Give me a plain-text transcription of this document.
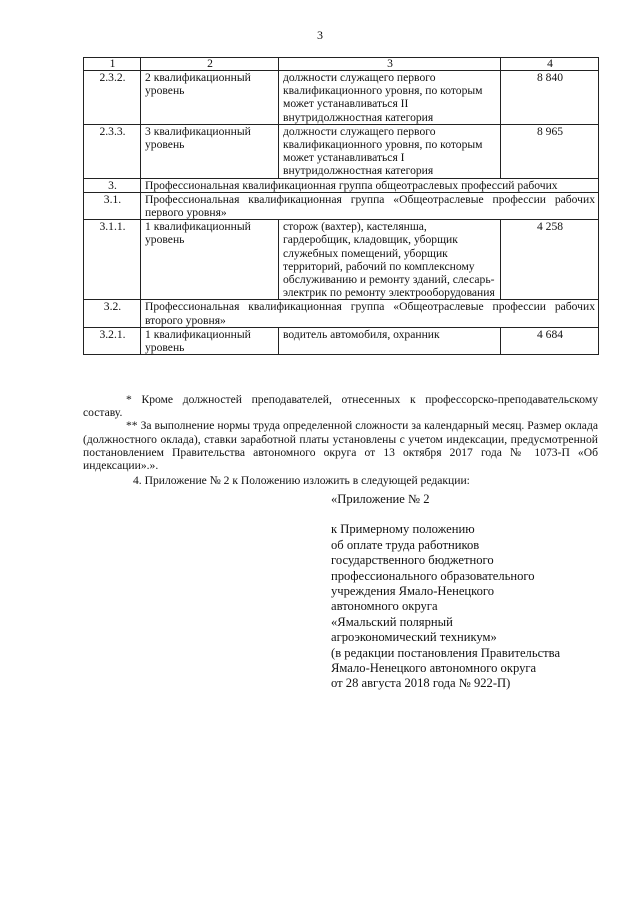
3
1	2	3	4
2.3.2.	2 квалификационный уровень	должности служащего первого квалификационного уровня, по которым может устанавливаться II внутридолжностная категория	8 840
2.3.3.	3 квалификационный уровень	должности служащего первого квалификационного уровня, по которым может устанавливаться I внутридолжностная категория	8 965
3.	Профессиональная квалификационная группа общеотраслевых профессий рабочих		
3.1.	Профессиональная квалификационная группа «Общеотраслевые профессии рабочих первого уровня»		
3.1.1.	1 квалификационный уровень	сторож (вахтер), кастелянша, гардеробщик, кладовщик, уборщик служебных помещений, уборщик территорий, рабочий по комплексному обслуживанию и ремонту зданий, слесарь-электрик по ремонту электрооборудования	4 258
3.2.	Профессиональная квалификационная группа «Общеотраслевые профессии рабочих второго уровня»		
3.2.1.	1 квалификационный уровень	водитель автомобиля, охранник	4 684

* Кроме должностей преподавателей, отнесенных к профессорско-преподавательскому составу.

** За выполнение нормы труда определенной сложности за календарный месяц. Размер оклада (должностного оклада), ставки заработной платы установлены с учетом индексации, предусмотренной постановлением Правительства автономного округа от 13 октября 2017 года № 1073-П «Об индексации».».

4. Приложение № 2 к Положению изложить в следующей редакции:

«Приложение № 2
к Примерному положению
об оплате труда работников
государственного бюджетного
профессионального образовательного
учреждения Ямало-Ненецкого
автономного округа
«Ямальский полярный
агроэкономический техникум»
(в редакции постановления Правительства
Ямало-Ненецкого автономного округа
от 28 августа 2018 года № 922-П)
